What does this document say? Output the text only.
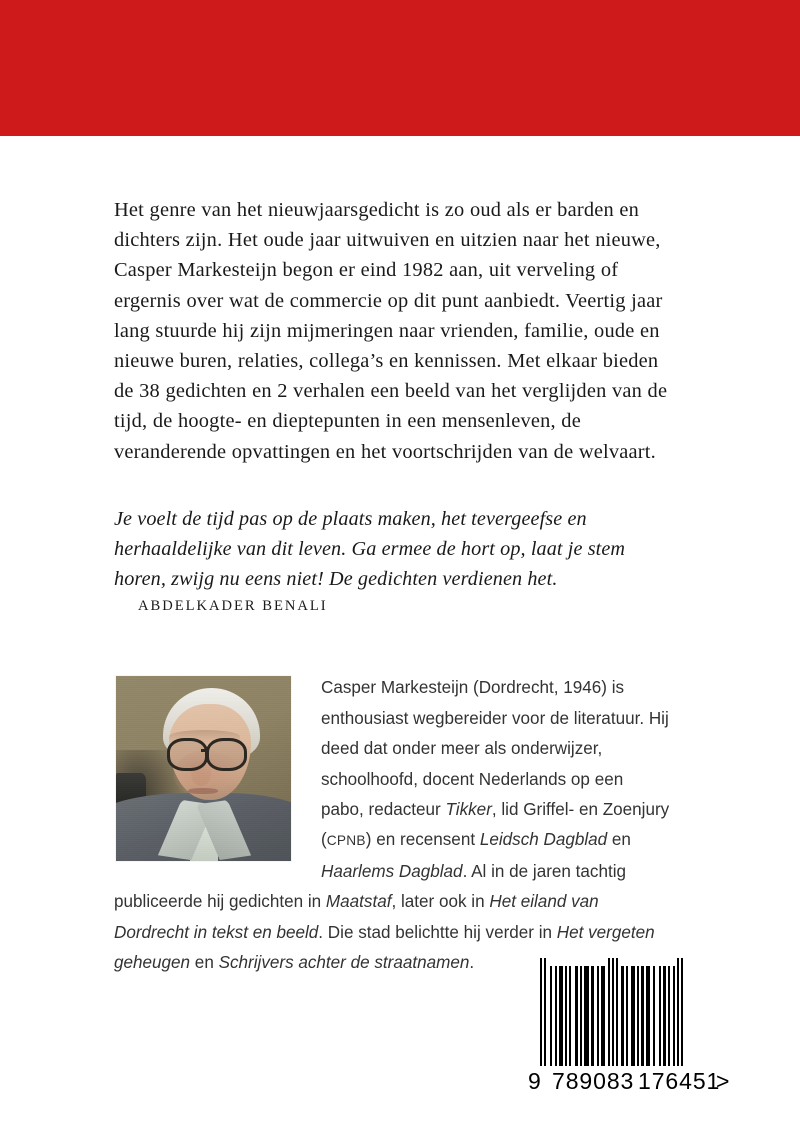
Het genre van het nieuwjaarsgedicht is zo oud als er barden en dichters zijn. Het oude jaar uitwuiven en uitzien naar het nieuwe, Casper Markesteijn begon er eind 1982 aan, uit verveling of ergernis over wat de commercie op dit punt aanbiedt. Veertig jaar lang stuurde hij zijn mijmeringen naar vrienden, familie, oude en nieuwe buren, relaties, collega’s en kennissen. Met elkaar bieden de 38 gedichten en 2 verhalen een beeld van het verglijden van de tijd, de hoogte- en dieptepunten in een mensenleven, de veranderende opvattingen en het voortschrijden van de welvaart.

Je voelt de tijd pas op de plaats maken, het tevergeefse en herhaaldelijke van dit leven. Ga ermee de hort op, laat je stem horen, zwijg nu eens niet! De gedichten verdienen het.

ABDELKADER BENALI

Casper Markesteijn (Dordrecht, 1946) is enthousiast wegbereider voor de literatuur. Hij deed dat onder meer als onderwijzer, schoolhoofd, docent Nederlands op een pabo, redacteur Tikker, lid Griffel- en Zoenjury (CPNB) en recensent Leidsch Dagblad en Haarlems Dagblad. Al in de jaren tachtig publiceerde hij gedichten in Maatstaf, later ook in Het eiland van Dordrecht in tekst en beeld. Die stad belichtte hij verder in Het vergeten geheugen en Schrijvers achter de straatnamen.

9 789083 176451
>
